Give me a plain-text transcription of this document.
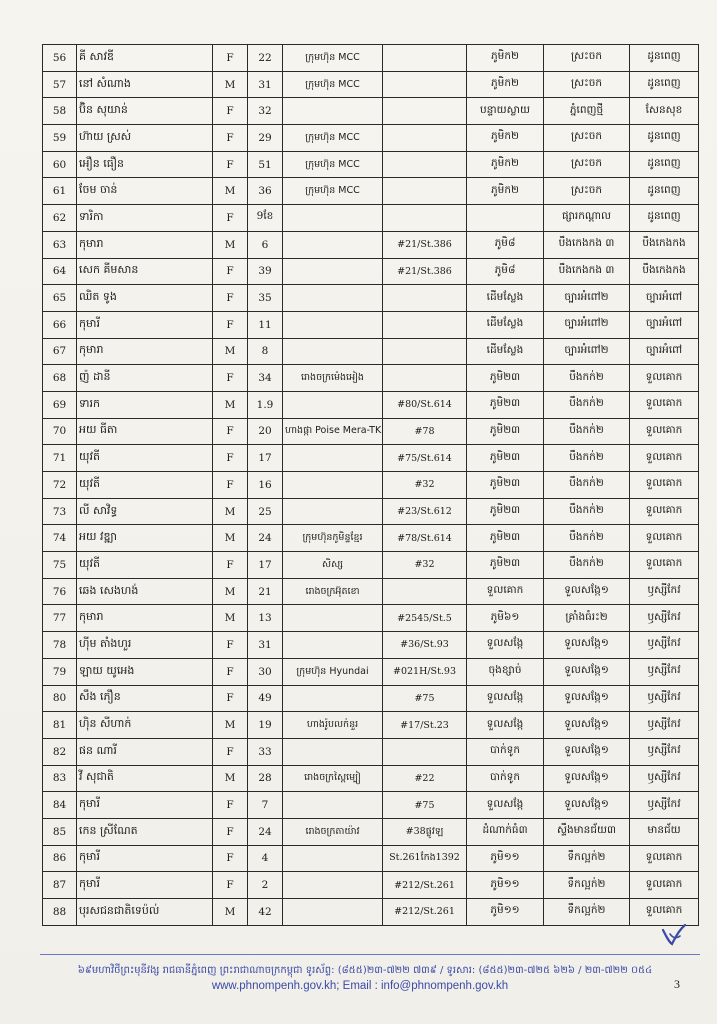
56	គី សាវឌី	F	22	ក្រុមហ៊ុន MCC		ភូមិក២	ស្រះចក	ដូនពេញ
57	នៅ សំណាង	M	31	ក្រុមហ៊ុន MCC		ភូមិក២	ស្រះចក	ដូនពេញ
58	ប៊ិន សុយាន់	F	32			បន្ទាយស្លាយ	ភ្នំពេញថ្មី	សែនសុខ
59	ហ៊ាយ ស្រស់	F	29	ក្រុមហ៊ុន MCC		ភូមិក២	ស្រះចក	ដូនពេញ
60	អឿន ធឿន	F	51	ក្រុមហ៊ុន MCC		ភូមិក២	ស្រះចក	ដូនពេញ
61	ចែម ចាន់	M	36	ក្រុមហ៊ុន MCC		ភូមិក២	ស្រះចក	ដូនពេញ
62	ទារិកា	F	9ខែ				ផ្សារកណ្តាល	ដូនពេញ
63	កុមារា	M	6		#21/St.386	ភូមិ៨	បឹងកេងកង ៣	បឹងកេងកង
64	សេក គីមសាន	F	39		#21/St.386	ភូមិ៨	បឹងកេងកង ៣	បឹងកេងកង
65	ឈិត ទូង	F	35			ដើមស្លែង	ច្បារអំពៅ២	ច្បារអំពៅ
66	កុមារី	F	11			ដើមស្លែង	ច្បារអំពៅ២	ច្បារអំពៅ
67	កុមារា	M	8			ដើមស្លែង	ច្បារអំពៅ២	ច្បារអំពៅ
68	ញ៉ ដានី	F	34	រោងចក្រម៉េងអៀង		ភូមិ២៣	បឹងកក់២	ទួលគោក
69	ទារក	M	1.9		#80/St.614	ភូមិ២៣	បឹងកក់២	ទួលគោក
70	អយ ធីតា	F	20	ហាងផ្កា Poise Mera-TK	#78	ភូមិ២៣	បឹងកក់២	ទួលគោក
71	យុវតី	F	17		#75/St.614	ភូមិ២៣	បឹងកក់២	ទួលគោក
72	យុវតី	F	16		#32	ភូមិ២៣	បឹងកក់២	ទួលគោក
73	លី សាវិទ្ធ	M	25		#23/St.612	ភូមិ២៣	បឹងកក់២	ទួលគោក
74	អយ វឌ្ឍា	M	24	ក្រុមហ៊ុនកូមិន្ទខ្មែរ	#78/St.614	ភូមិ២៣	បឹងកក់២	ទួលគោក
75	យុវតី	F	17	សិស្ស	#32	ភូមិ២៣	បឹងកក់២	ទួលគោក
76	ឆេង សេងហង់	M	21	រោងចក្រអ៊ុតខោ		ទួលគោក	ទួលសង្កែ១	ឫស្សីកែវ
77	កុមារា	M	13		#2545/St.5	ភូមិ៦១	គ្រាំងធំរះ២	ឫស្សីកែវ
78	ហ៊ីម តាំងហួរ	F	31		#36/St.93	ទួលសង្កែ	ទួលសង្កែ១	ឫស្សីកែវ
79	ឡាយ យូអេង	F	30	ក្រុមហ៊ុន Hyundai	#021H/St.93	ចុងខ្សាច់	ទួលសង្កែ១	ឫស្សីកែវ
80	សឹង ភឿន	F	49		#75	ទួលសង្កែ	ទួលសង្កែ១	ឫស្សីកែវ
81	ហ៊ិន សីហាក់	M	19	ហាងរ៉ូបលក់នួរ	#17/St.23	ទួលសង្កែ	ទួលសង្កែ១	ឫស្សីកែវ
82	ផន ណារី	F	33			បាក់ទូក	ទួលសង្កែ១	ឫស្សីកែវ
83	វី សុជាតិ	M	28	រោងចក្រស្ពៃម្បៀ	#22	បាក់ទូក	ទួលសង្កែ១	ឫស្សីកែវ
84	កុមារី	F	7		#75	ទួលសង្កែ	ទួលសង្កែ១	ឫស្សីកែវ
85	កេន ស្រីណែត	F	24	រោងចក្រតាយ៉ាវ	#38ផ្លូវឡ	ដំណាក់ធំ៣	ស្ទឹងមានជ័យ៣	មានជ័យ
86	កុមារី	F	4		St.261កែង1392	ភូមិ១១	ទឹកល្អក់២	ទួលគោក
87	កុមារី	F	2		#212/St.261	ភូមិ១១	ទឹកល្អក់២	ទួលគោក
88	បុរសជនជាតិទេប៉ល់	M	42		#212/St.261	ភូមិ១១	ទឹកល្អក់២	ទួលគោក
៦៩មហាវិថីព្រះមុនីវង្ស រាជធានីភ្នំពេញ ព្រះរាជាណាចក្រកម្ពុជា ទូរស័ព្ទ: (៨៥៥)២៣-៧២២ ៧៣៩ / ទូរសារ: (៨៥៥)២៣-៧២៥ ៦២៦ / ២៣-៧២២ ០៥៤
www.phnompenh.gov.kh; Email : info@phnompenh.gov.kh	3
